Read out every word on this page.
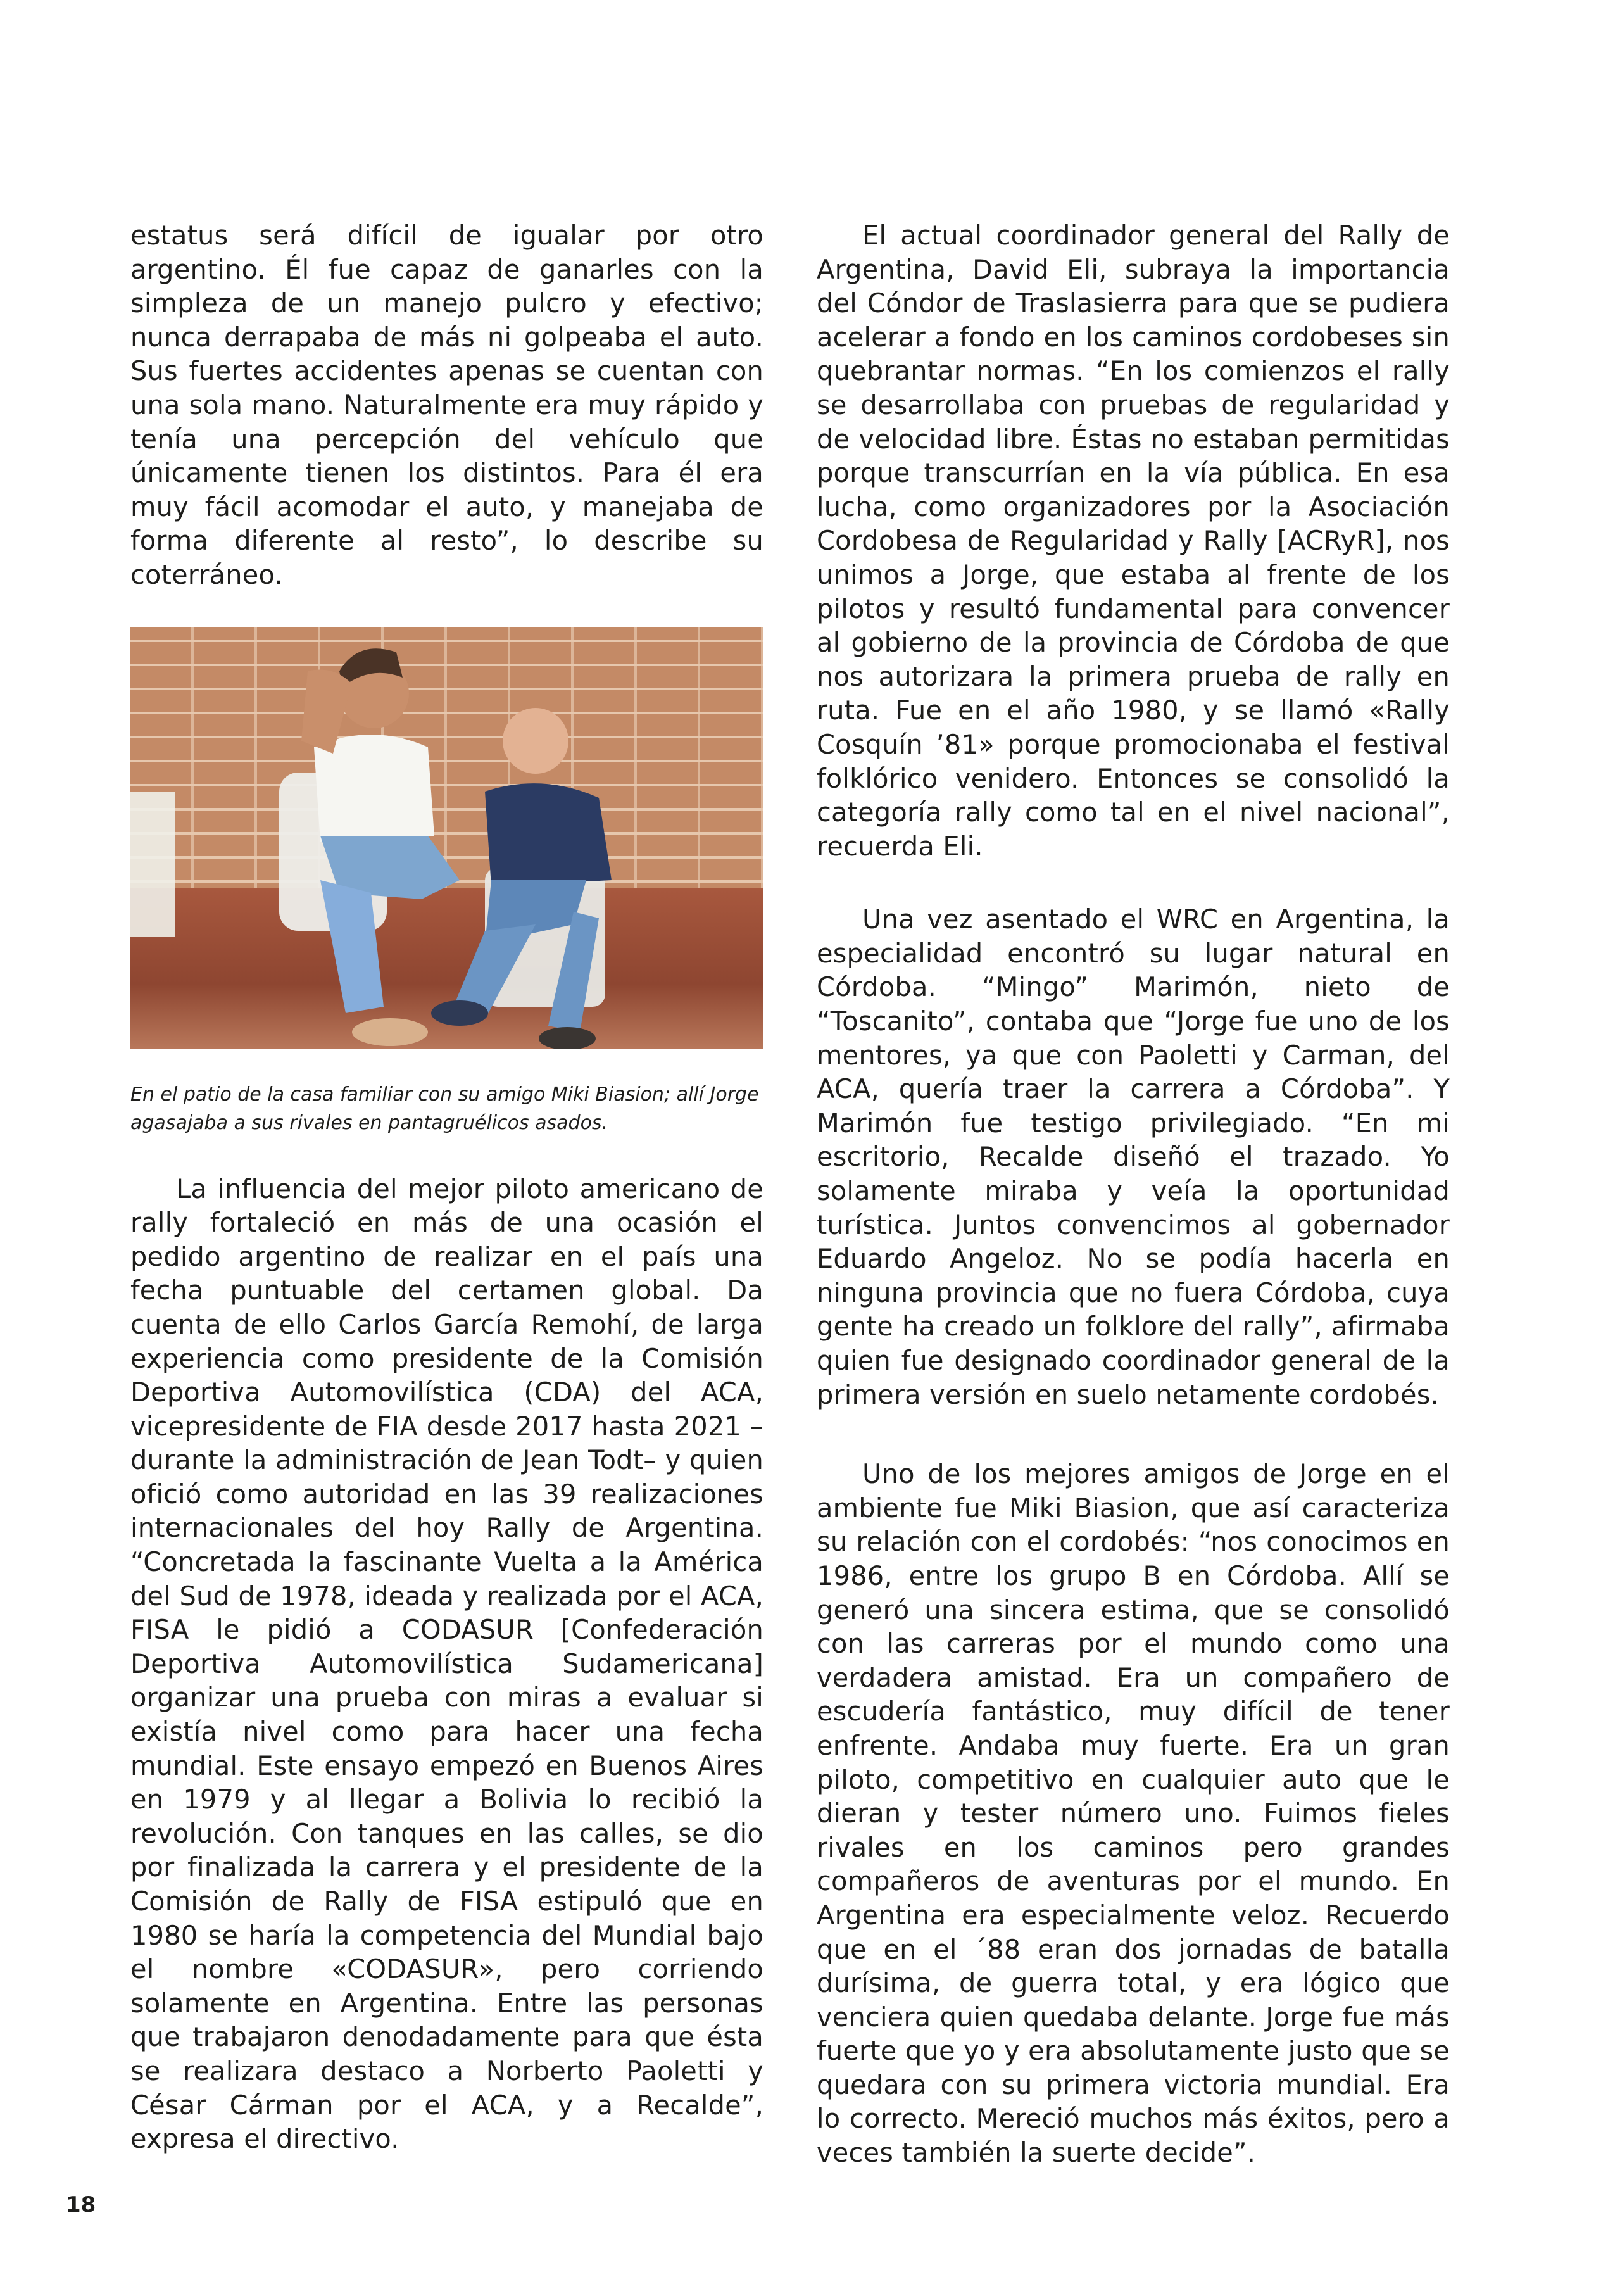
estatus será difícil de igualar por otro argentino. Él fue capaz de ganarles con la simpleza de un manejo pulcro y efectivo; nunca derrapaba de más ni golpeaba el auto. Sus fuertes accidentes apenas se cuentan con una sola mano. Naturalmente era muy rápido y tenía una percepción del vehículo que únicamente tienen los distintos. Para él era muy fácil acomodar el auto, y manejaba de forma diferente al resto”, lo describe su coterráneo.

En el patio de la casa familiar con su amigo Miki Biasion; allí Jorge agasajaba a sus rivales en pantagruélicos asados.

La influencia del mejor piloto americano de rally fortaleció en más de una ocasión el pedido argentino de realizar en el país una fecha puntuable del certamen global. Da cuenta de ello Carlos García Remohí, de larga experiencia como presidente de la Comisión Deportiva Automovilística (CDA) del ACA, vicepresidente de FIA desde 2017 hasta 2021 –durante la administración de Jean Todt– y quien ofició como autoridad en las 39 realizaciones internacionales del hoy Rally de Argentina. “Concretada la fascinante Vuelta a la América del Sud de 1978, ideada y realizada por el ACA, FISA le pidió a CODASUR [Confederación Deportiva Automovilística Sudamericana] organizar una prueba con miras a evaluar si existía nivel como para hacer una fecha mundial. Este ensayo empezó en Buenos Aires en 1979 y al llegar a Bolivia lo recibió la revolución. Con tanques en las calles, se dio por finalizada la carrera y el presidente de la Comisión de Rally de FISA estipuló que en 1980 se haría la competencia del Mundial bajo el nombre «CODASUR», pero corriendo solamente en Argentina. Entre las personas que trabajaron denodadamente para que ésta se realizara destaco a Norberto Paoletti y César Cárman por el ACA, y a Recalde”, expresa el directivo.

El actual coordinador general del Rally de Argentina, David Eli, subraya la importancia del Cóndor de Traslasierra para que se pudiera acelerar a fondo en los caminos cordobeses sin quebrantar normas. “En los comienzos el rally se desarrollaba con pruebas de regularidad y de velocidad libre. Éstas no estaban permitidas porque transcurrían en la vía pública. En esa lucha, como organizadores por la Asociación Cordobesa de Regularidad y Rally [ACRyR], nos unimos a Jorge, que estaba al frente de los pilotos y resultó fundamental para convencer al gobierno de la provincia de Córdoba de que nos autorizara la primera prueba de rally en ruta. Fue en el año 1980, y se llamó «Rally Cosquín ’81» porque promocionaba el festival folklórico venidero. Entonces se consolidó la categoría rally como tal en el nivel nacional”, recuerda Eli.

Una vez asentado el WRC en Argentina, la especialidad encontró su lugar natural en Córdoba. “Mingo” Marimón, nieto de “Toscanito”, contaba que “Jorge fue uno de los mentores, ya que con Paoletti y Carman, del ACA, quería traer la carrera a Córdoba”. Y Marimón fue testigo privilegiado. “En mi escritorio, Recalde diseñó el trazado. Yo solamente miraba y veía la oportunidad turística. Juntos convencimos al gobernador Eduardo Angeloz. No se podía hacerla en ninguna provincia que no fuera Córdoba, cuya gente ha creado un folklore del rally”, afirmaba quien fue designado coordinador general de la primera versión en suelo netamente cordobés.

Uno de los mejores amigos de Jorge en el ambiente fue Miki Biasion, que así caracteriza su relación con el cordobés: “nos conocimos en 1986, entre los grupo B en Córdoba. Allí se generó una sincera estima, que se consolidó con las carreras por el mundo como una verdadera amistad. Era un compañero de escudería fantástico, muy difícil de tener enfrente. Andaba muy fuerte. Era un gran piloto, competitivo en cualquier auto que le dieran y tester número uno. Fuimos fieles rivales en los caminos pero grandes compañeros de aventuras por el mundo. En Argentina era especialmente veloz. Recuerdo que en el ´88 eran dos jornadas de batalla durísima, de guerra total, y era lógico que venciera quien quedaba delante. Jorge fue más fuerte que yo y era absolutamente justo que se quedara con su primera victoria mundial. Era lo correcto. Mereció muchos más éxitos, pero a veces también la suerte decide”.

18
